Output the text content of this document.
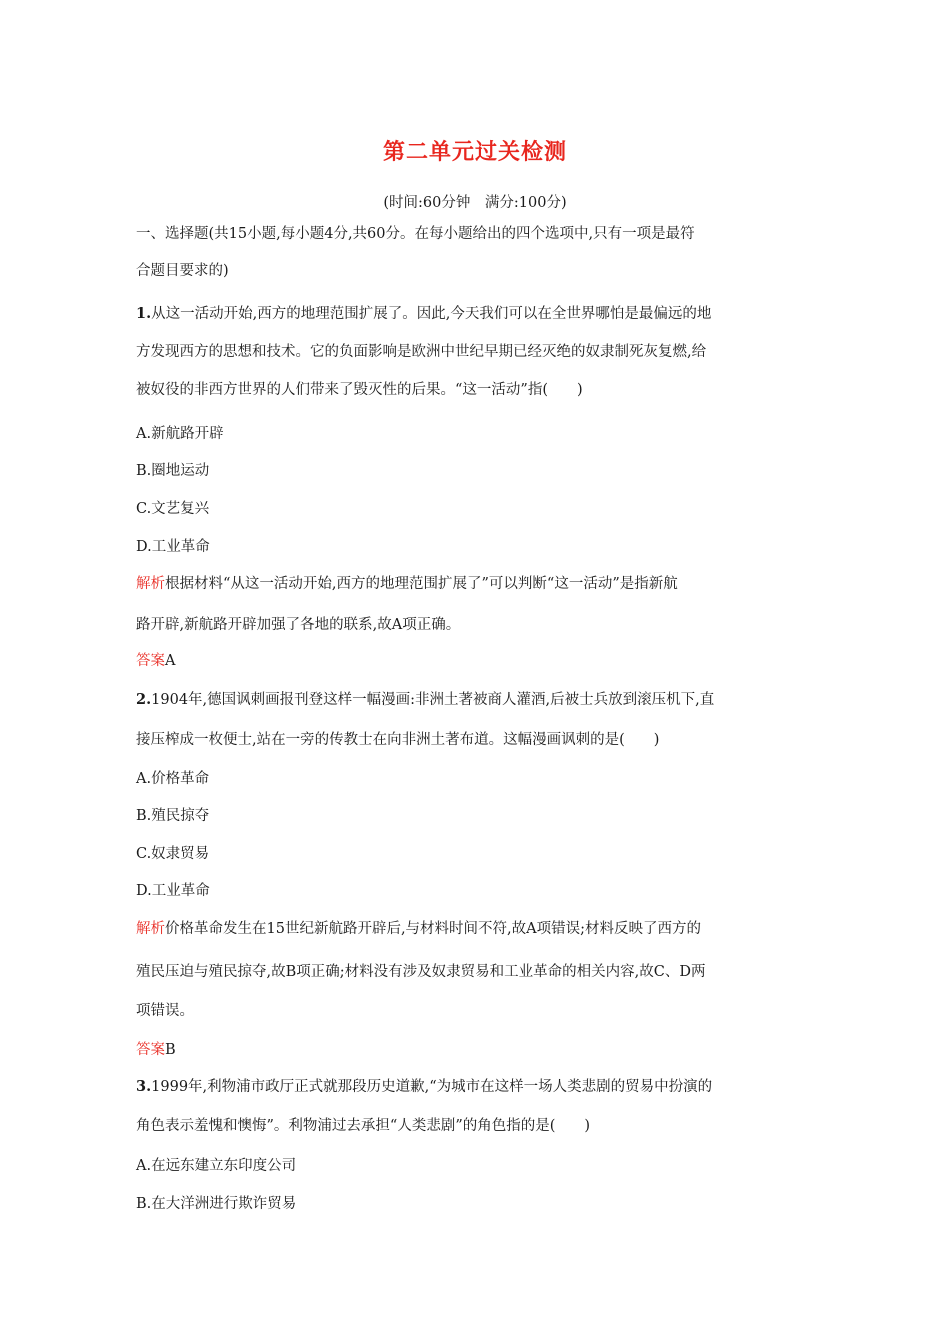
第二单元过关检测
(时间:60分钟　满分:100分)
一、选择题(共15小题,每小题4分,共60分。在每小题给出的四个选项中,只有一项是最符
合题目要求的)
1.从这一活动开始,西方的地理范围扩展了。因此,今天我们可以在全世界哪怕是最偏远的地
方发现西方的思想和技术。它的负面影响是欧洲中世纪早期已经灭绝的奴隶制死灰复燃,给
被奴役的非西方世界的人们带来了毁灭性的后果。“这一活动”指(　　)
A.新航路开辟
B.圈地运动
C.文艺复兴
D.工业革命
解析根据材料“从这一活动开始,西方的地理范围扩展了”可以判断“这一活动”是指新航
路开辟,新航路开辟加强了各地的联系,故A项正确。
答案A
2.1904年,德国讽刺画报刊登这样一幅漫画:非洲土著被商人灌酒,后被士兵放到滚压机下,直
接压榨成一枚便士,站在一旁的传教士在向非洲土著布道。这幅漫画讽刺的是(　　)
A.价格革命
B.殖民掠夺
C.奴隶贸易
D.工业革命
解析价格革命发生在15世纪新航路开辟后,与材料时间不符,故A项错误;材料反映了西方的
殖民压迫与殖民掠夺,故B项正确;材料没有涉及奴隶贸易和工业革命的相关内容,故C、D两
项错误。
答案B
3.1999年,利物浦市政厅正式就那段历史道歉,“为城市在这样一场人类悲剧的贸易中扮演的
角色表示羞愧和懊悔”。利物浦过去承担“人类悲剧”的角色指的是(　　)
A.在远东建立东印度公司
B.在大洋洲进行欺诈贸易
